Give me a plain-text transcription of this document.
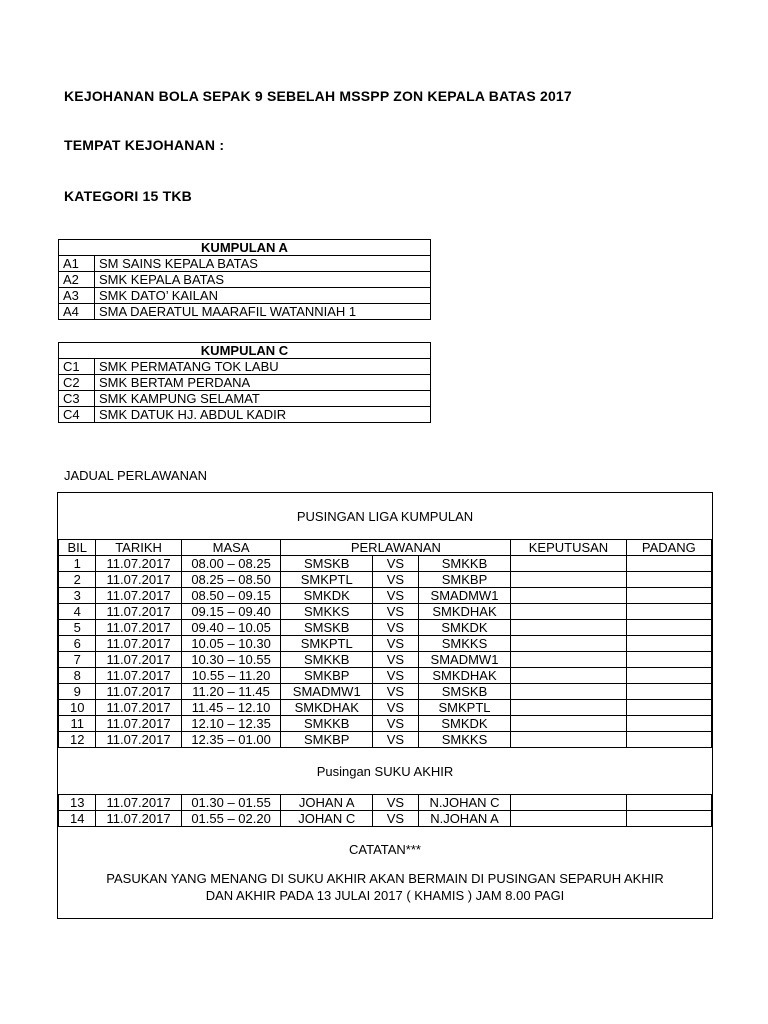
KEJOHANAN BOLA SEPAK 9 SEBELAH MSSPP ZON KEPALA BATAS 2017
TEMPAT KEJOHANAN :
KATEGORI 15 TKB
KUMPULAN A	
A1	SM SAINS KEPALA BATAS
A2	SMK KEPALA BATAS
A3	SMK DATO’ KAILAN
A4	SMA DAERATUL MAARAFIL WATANNIAH 1
KUMPULAN C	
C1	SMK PERMATANG TOK LABU
C2	SMK BERTAM PERDANA
C3	SMK KAMPUNG SELAMAT
C4	SMK DATUK HJ. ABDUL KADIR
JADUAL PERLAWANAN
PUSINGAN LIGA KUMPULAN
BIL	TARIKH	MASA	PERLAWANAN			KEPUTUSAN	PADANG
1	11.07.2017	08.00 – 08.25	SMSKB	VS	SMKKB		
2	11.07.2017	08.25 – 08.50	SMKPTL	VS	SMKBP		
3	11.07.2017	08.50 – 09.15	SMKDK	VS	SMADMW1		
4	11.07.2017	09.15 – 09.40	SMKKS	VS	SMKDHAK		
5	11.07.2017	09.40 – 10.05	SMSKB	VS	SMKDK		
6	11.07.2017	10.05 – 10.30	SMKPTL	VS	SMKKS		
7	11.07.2017	10.30 – 10.55	SMKKB	VS	SMADMW1		
8	11.07.2017	10.55 – 11.20	SMKBP	VS	SMKDHAK		
9	11.07.2017	11.20 – 11.45	SMADMW1	VS	SMSKB		
10	11.07.2017	11.45 – 12.10	SMKDHAK	VS	SMKPTL		
11	11.07.2017	12.10 – 12.35	SMKKB	VS	SMKDK		
12	11.07.2017	12.35 – 01.00	SMKBP	VS	SMKKS		
Pusingan SUKU AKHIR
13	11.07.2017	01.30 – 01.55	JOHAN A	VS	N.JOHAN C		
14	11.07.2017	01.55 – 02.20	JOHAN C	VS	N.JOHAN A		
CATATAN***
PASUKAN YANG MENANG DI SUKU AKHIR AKAN BERMAIN DI PUSINGAN SEPARUH AKHIR
DAN AKHIR PADA 13 JULAI 2017 ( KHAMIS ) JAM 8.00 PAGI
